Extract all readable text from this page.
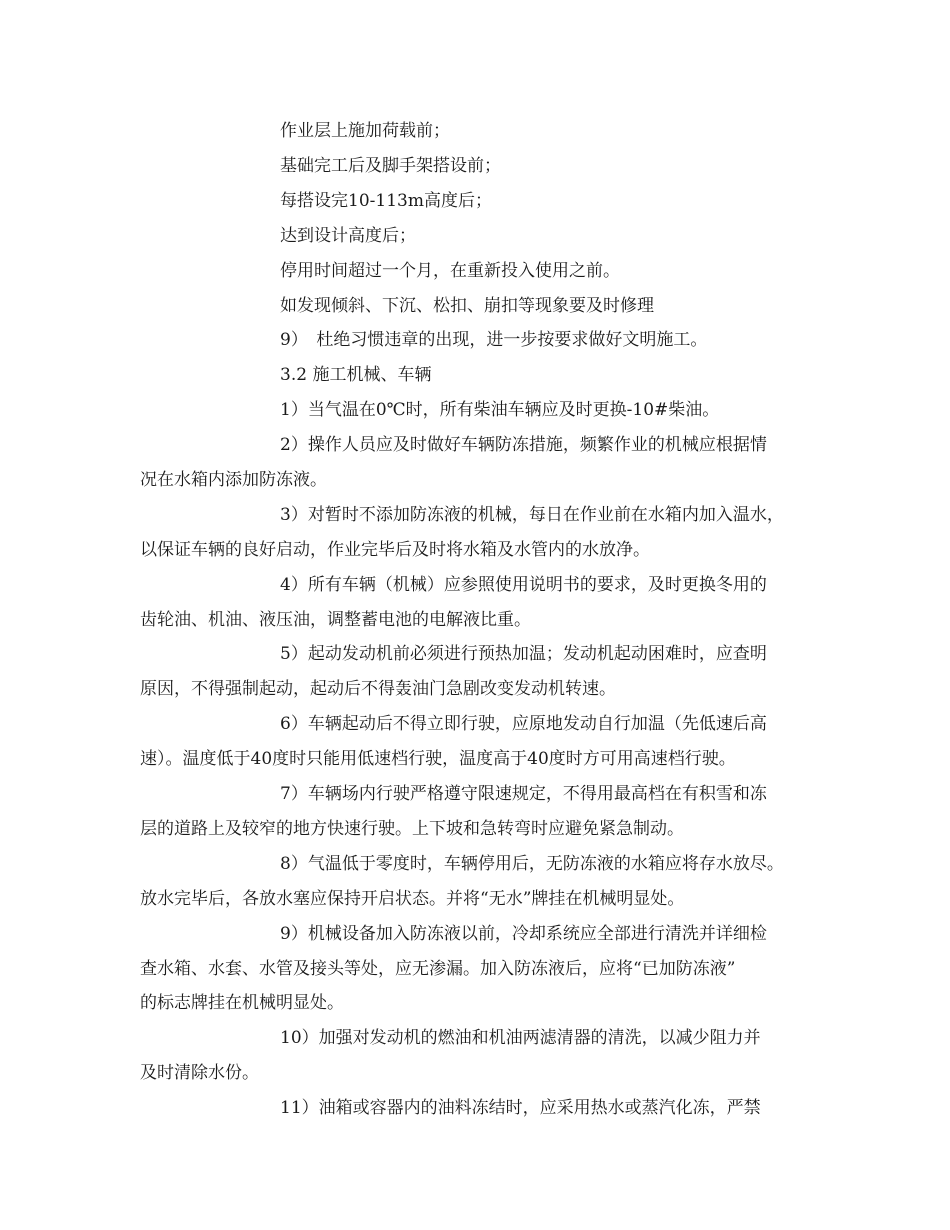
作业层上施加荷载前；
基础完工后及脚手架搭设前；
每搭设完10-113m高度后；
达到设计高度后；
停用时间超过一个月，在重新投入使用之前。
如发现倾斜、下沉、松扣、崩扣等现象要及时修理
9）　杜绝习惯违章的出现，进一步按要求做好文明施工。
3.2 施工机械、车辆
1）当气温在0℃时，所有柴油车辆应及时更换-10#柴油。
2）操作人员应及时做好车辆防冻措施，频繁作业的机械应根据情
况在水箱内添加防冻液。
3）对暂时不添加防冻液的机械，每日在作业前在水箱内加入温水，
以保证车辆的良好启动，作业完毕后及时将水箱及水管内的水放净。
4）所有车辆（机械）应参照使用说明书的要求，及时更换冬用的
齿轮油、机油、液压油，调整蓄电池的电解液比重。
5）起动发动机前必须进行预热加温；发动机起动困难时，应查明
原因，不得强制起动，起动后不得轰油门急剧改变发动机转速。
6）车辆起动后不得立即行驶，应原地发动自行加温（先低速后高
速）。温度低于40度时只能用低速档行驶，温度高于40度时方可用高速档行驶。
7）车辆场内行驶严格遵守限速规定，不得用最高档在有积雪和冻
层的道路上及较窄的地方快速行驶。上下坡和急转弯时应避免紧急制动。
8）气温低于零度时，车辆停用后，无防冻液的水箱应将存水放尽。
放水完毕后，各放水塞应保持开启状态。并将“无水”牌挂在机械明显处。
9）机械设备加入防冻液以前，冷却系统应全部进行清洗并详细检
查水箱、水套、水管及接头等处，应无渗漏。加入防冻液后，应将“已加防冻液”
的标志牌挂在机械明显处。
10）加强对发动机的燃油和机油两滤清器的清洗，以减少阻力并
及时清除水份。
11）油箱或容器内的油料冻结时，应采用热水或蒸汽化冻，严禁
